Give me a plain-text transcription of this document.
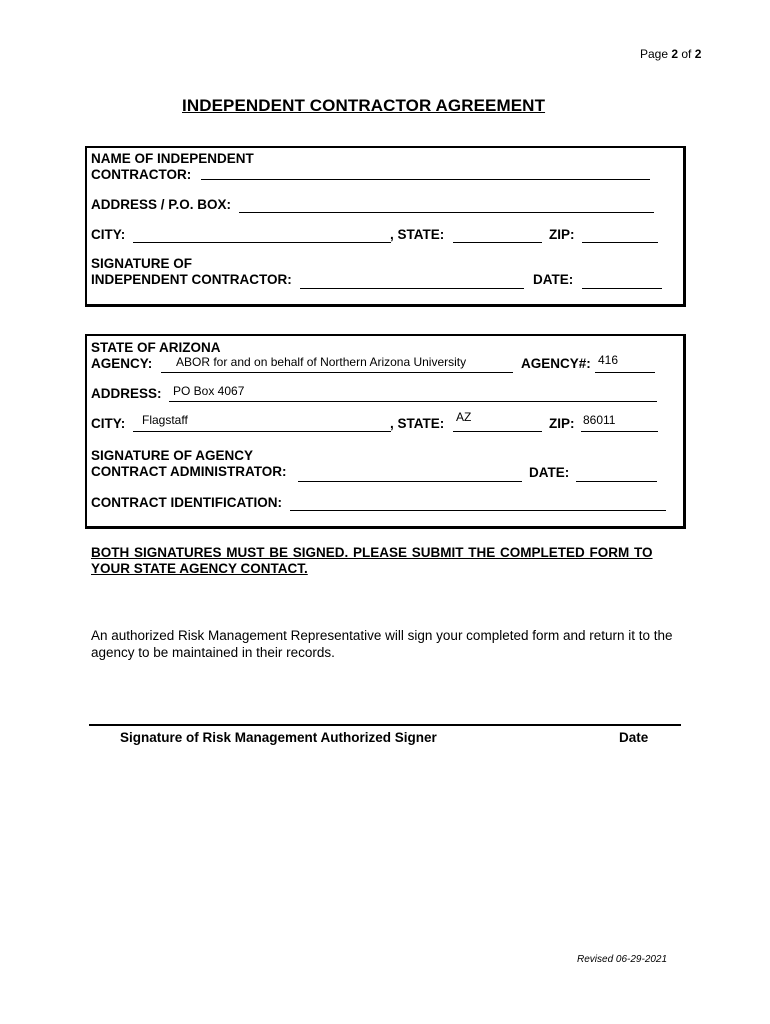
Page 2 of 2
INDEPENDENT CONTRACTOR AGREEMENT
NAME OF INDEPENDENT
CONTRACTOR:
ADDRESS / P.O. BOX:
CITY:	, STATE:	ZIP:
SIGNATURE OF
INDEPENDENT CONTRACTOR:	DATE:
STATE OF ARIZONA
AGENCY: ABOR for and on behalf of Northern Arizona University	AGENCY#: 416
ADDRESS: PO Box 4067
CITY: Flagstaff	, STATE: AZ	ZIP: 86011
SIGNATURE OF AGENCY
CONTRACT ADMINISTRATOR:	DATE:
CONTRACT IDENTIFICATION:
BOTH SIGNATURES MUST BE SIGNED. PLEASE SUBMIT THE COMPLETED FORM TO
YOUR STATE AGENCY CONTACT.
An authorized Risk Management Representative will sign your completed form and return it to the
agency to be maintained in their records.
Signature of Risk Management Authorized Signer	Date
Revised 06-29-2021
